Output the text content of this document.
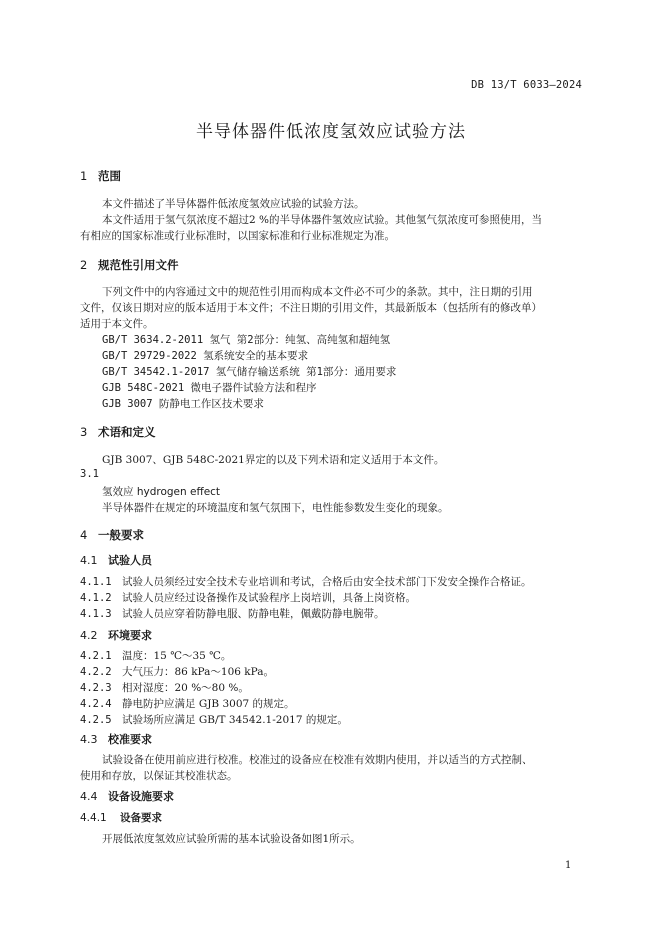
DB 13/T 6033—2024
半导体器件低浓度氢效应试验方法
1 范围
本文件描述了半导体器件低浓度氢效应试验的试验方法。
本文件适用于氢气氛浓度不超过2 %的半导体器件氢效应试验。其他氢气氛浓度可参照使用，当
有相应的国家标准或行业标准时，以国家标准和行业标准规定为准。
2 规范性引用文件
下列文件中的内容通过文中的规范性引用而构成本文件必不可少的条款。其中，注日期的引用
文件，仅该日期对应的版本适用于本文件；不注日期的引用文件，其最新版本（包括所有的修改单）
适用于本文件。
GB/T 3634.2-2011 氢气 第2部分：纯氢、高纯氢和超纯氢
GB/T 29729-2022 氢系统安全的基本要求
GB/T 34542.1-2017 氢气储存输送系统 第1部分：通用要求
GJB 548C-2021 微电子器件试验方法和程序
GJB 3007 防静电工作区技术要求
3 术语和定义
GJB 3007、GJB 548C-2021界定的以及下列术语和定义适用于本文件。
3.1
氢效应 hydrogen effect
半导体器件在规定的环境温度和氢气氛围下，电性能参数发生变化的现象。
4 一般要求
4.1 试验人员
4.1.1 试验人员须经过安全技术专业培训和考试，合格后由安全技术部门下发安全操作合格证。
4.1.2 试验人员应经过设备操作及试验程序上岗培训，具备上岗资格。
4.1.3 试验人员应穿着防静电服、防静电鞋，佩戴防静电腕带。
4.2 环境要求
4.2.1 温度：15 ℃～35 ℃。
4.2.2 大气压力：86 kPa～106 kPa。
4.2.3 相对湿度：20 %～80 %。
4.2.4 静电防护应满足 GJB 3007 的规定。
4.2.5 试验场所应满足 GB/T 34542.1-2017 的规定。
4.3 校准要求
试验设备在使用前应进行校准。校准过的设备应在校准有效期内使用，并以适当的方式控制、
使用和存放，以保证其校准状态。
4.4 设备设施要求
4.4.1 设备要求
开展低浓度氢效应试验所需的基本试验设备如图1所示。
1
